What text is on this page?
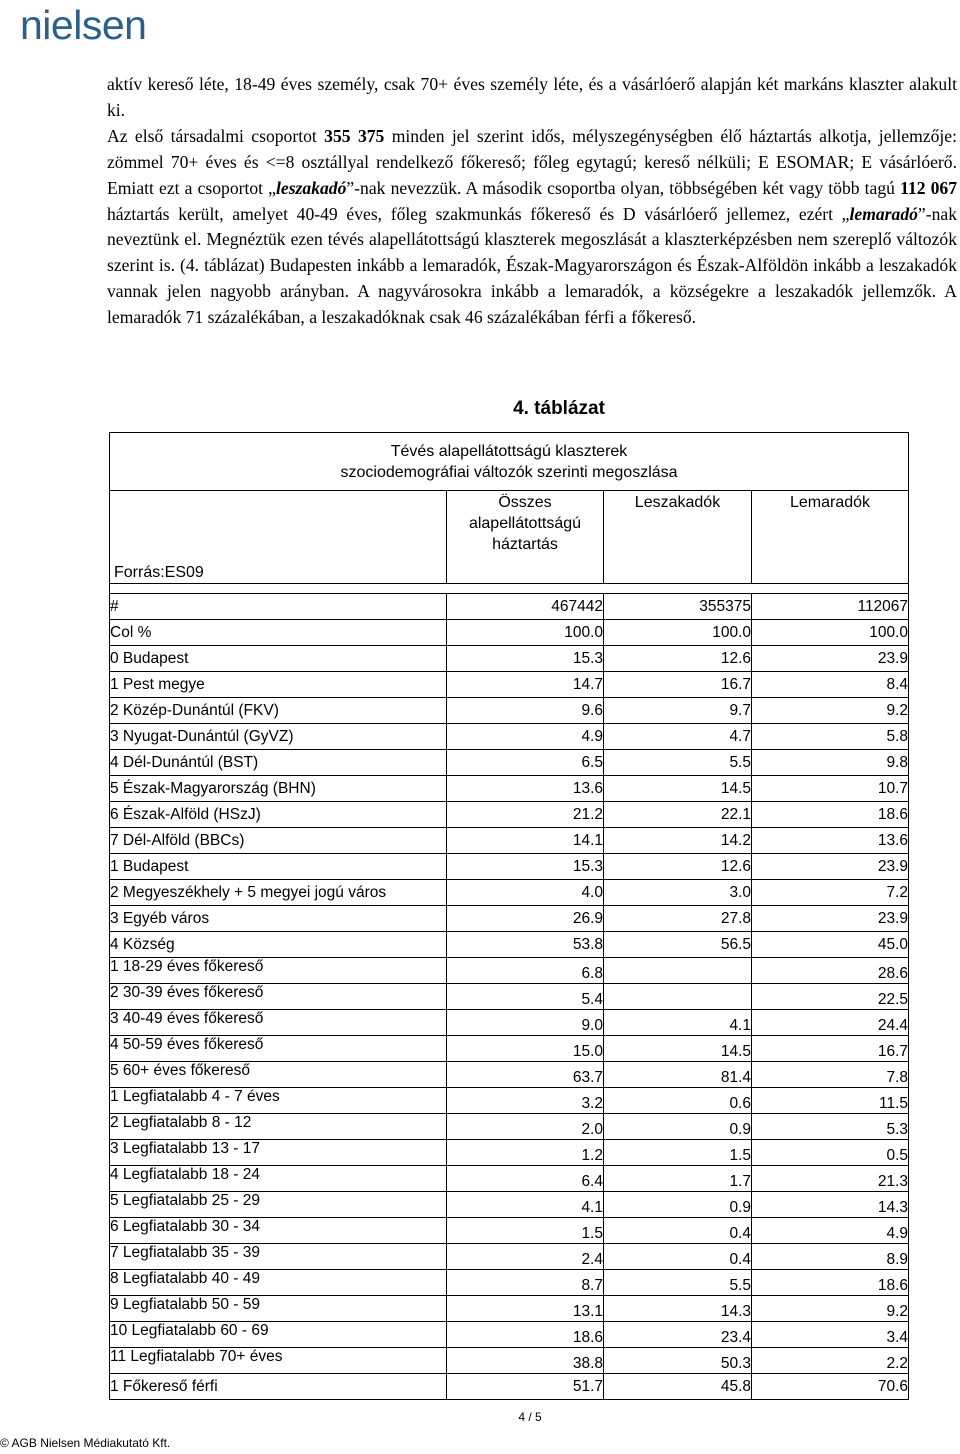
nielsen

aktív kereső léte, 18-49 éves személy, csak 70+ éves személy léte, és a vásárlóerő alapján két markáns klaszter alakult ki.

Az első társadalmi csoportot 355 375 minden jel szerint idős, mélyszegénységben élő háztartás alkotja, jellemzője: zömmel 70+ éves és <=8 osztállyal rendelkező főkereső; főleg egytagú; kereső nélküli; E ESOMAR; E vásárlóerő. Emiatt ezt a csoportot „leszakadó”-nak nevezzük. A második csoportba olyan, többségében két vagy több tagú 112 067 háztartás került, amelyet 40-49 éves, főleg szakmunkás főkereső és D vásárlóerő jellemez, ezért „lemaradó”-nak neveztünk el. Megnéztük ezen tévés alapellátottságú klaszterek megoszlását a klaszterképzésben nem szereplő változók szerint is. (4. táblázat) Budapesten inkább a lemaradók, Észak-Magyarországon és Észak-Alföldön inkább a leszakadók vannak jelen nagyobb arányban. A nagyvárosokra inkább a lemaradók, a községekre a leszakadók jellemzők. A lemaradók 71 százalékában, a leszakadóknak csak 46 százalékában férfi a főkereső.

4. táblázat
Tévés alapellátottságú klaszterek
szociodemográfiai változók szerinti megoszlása			

Forrás:ES09	Összes alapellátottságú háztartás	Leszakadók	Lemaradók

#	467442	355375	112067
Col %	100.0	100.0	100.0
0 Budapest	15.3	12.6	23.9
1 Pest megye	14.7	16.7	8.4
2 Közép-Dunántúl (FKV)	9.6	9.7	9.2
3 Nyugat-Dunántúl (GyVZ)	4.9	4.7	5.8
4 Dél-Dunántúl (BST)	6.5	5.5	9.8
5 Észak-Magyarország (BHN)	13.6	14.5	10.7
6 Észak-Alföld (HSzJ)	21.2	22.1	18.6
7 Dél-Alföld (BBCs)	14.1	14.2	13.6
1 Budapest	15.3	12.6	23.9
2 Megyeszékhely + 5 megyei jogú város	4.0	3.0	7.2
3 Egyéb város	26.9	27.8	23.9
4 Község	53.8	56.5	45.0
1 18-29 éves főkereső	6.8		28.6
2 30-39 éves főkereső	5.4		22.5
3 40-49 éves főkereső	9.0	4.1	24.4
4 50-59 éves főkereső	15.0	14.5	16.7
5 60+ éves főkereső	63.7	81.4	7.8
1 Legfiatalabb 4 - 7 éves	3.2	0.6	11.5
2 Legfiatalabb 8 - 12	2.0	0.9	5.3
3 Legfiatalabb 13 - 17	1.2	1.5	0.5
4 Legfiatalabb 18 - 24	6.4	1.7	21.3
5 Legfiatalabb 25 - 29	4.1	0.9	14.3
6 Legfiatalabb 30 - 34	1.5	0.4	4.9
7 Legfiatalabb 35 - 39	2.4	0.4	8.9
8 Legfiatalabb 40 - 49	8.7	5.5	18.6
9 Legfiatalabb 50 - 59	13.1	14.3	9.2
10 Legfiatalabb 60 - 69	18.6	23.4	3.4
11 Legfiatalabb 70+ éves	38.8	50.3	2.2
1 Főkereső férfi	51.7	45.8	70.6
4 / 5
© AGB Nielsen Médiakutató Kft.
